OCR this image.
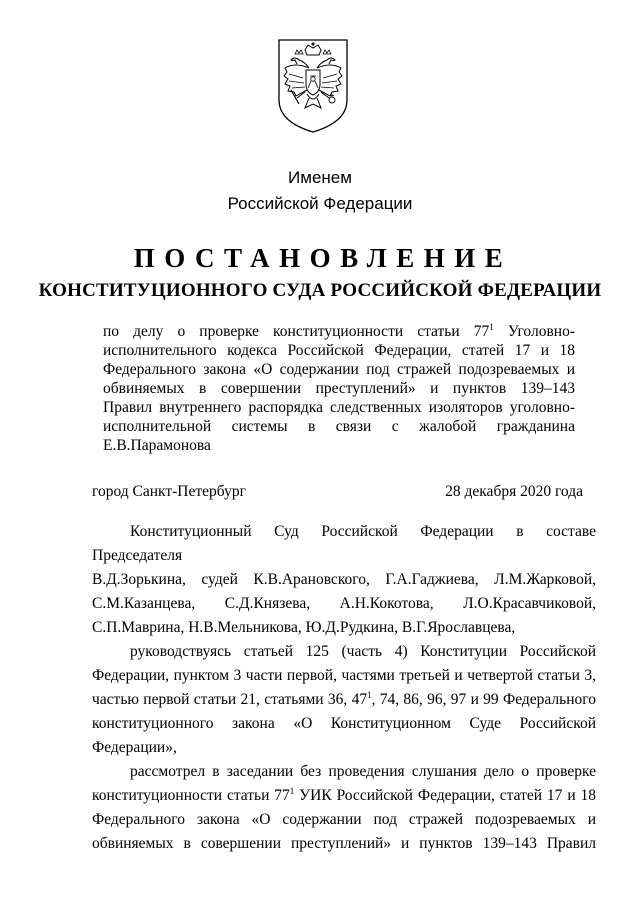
Именем
Российской Федерации
ПОСТАНОВЛЕНИЕ
КОНСТИТУЦИОННОГО СУДА РОССИЙСКОЙ ФЕДЕРАЦИИ
по делу о проверке конституционности статьи $77^1$ Уголовно-
исполнительного кодекса Российской Федерации, статей 17 и 18
Федерального закона «О содержании под стражей подозреваемых и
обвиняемых в совершении преступлений» и пунктов 139–143
Правил внутреннего распорядка следственных изоляторов уголовно-
исполнительной системы в связи с жалобой гражданина
Е.В.Парамонова
город Санкт-Петербург	28 декабря 2020 года
Конституционный Суд Российской Федерации в составе Председателя
В.Д.Зорькина, судей К.В.Арановского, Г.А.Гаджиева, Л.М.Жарковой,
С.М.Казанцева, С.Д.Князева, А.Н.Кокотова, Л.О.Красавчиковой,
С.П.Маврина, Н.В.Мельникова, Ю.Д.Рудкина, В.Г.Ярославцева,
руководствуясь статьей 125 (часть 4) Конституции Российской
Федерации, пунктом 3 части первой, частями третьей и четвертой статьи 3,
частью первой статьи 21, статьями 36, $47^1$, 74, 86, 96, 97 и 99 Федерального
конституционного закона «О Конституционном Суде Российской Федерации»,
рассмотрел в заседании без проведения слушания дело о проверке
конституционности статьи $77^1$ УИК Российской Федерации, статей 17 и 18
Федерального закона «О содержании под стражей подозреваемых и
обвиняемых в совершении преступлений» и пунктов 139–143 Правил
